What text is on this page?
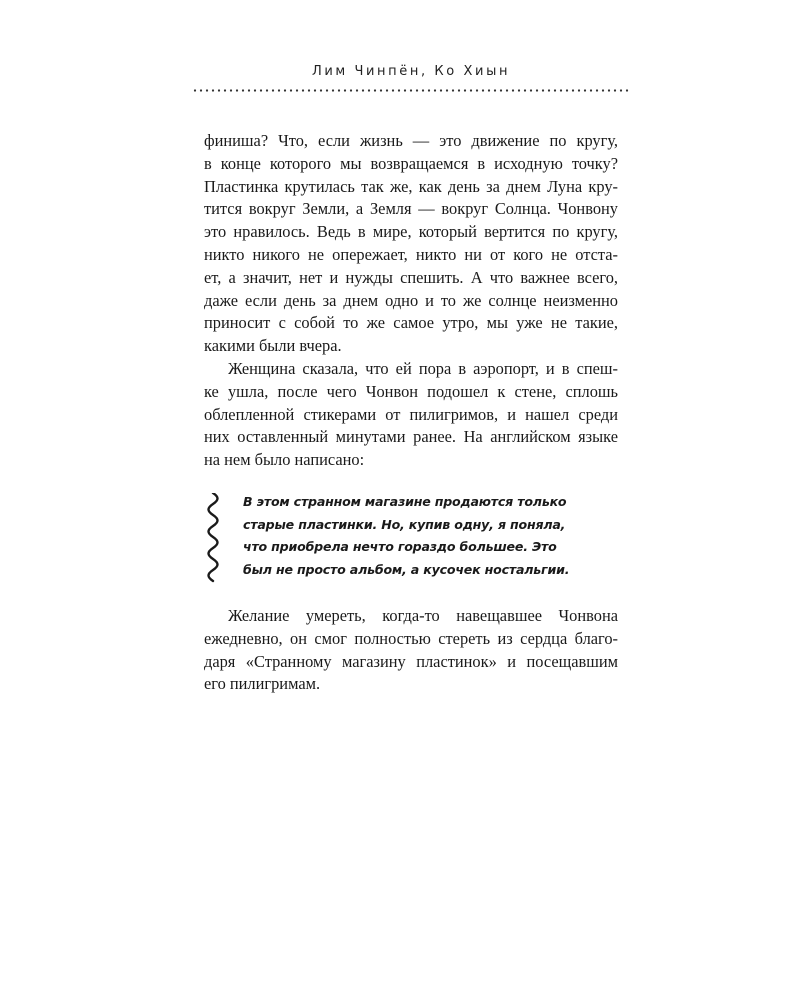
Лим Чинпён, Ко Хиын
финиша? Что, если жизнь — это движение по кругу,
в конце которого мы возвращаемся в исходную точку?
Пластинка крутилась так же, как день за днем Луна кру-
тится вокруг Земли, а Земля — вокруг Солнца. Чонвону
это нравилось. Ведь в мире, который вертится по кругу,
никто никого не опережает, никто ни от кого не отста-
ет, а значит, нет и нужды спешить. А что важнее всего,
даже если день за днем одно и то же солнце неизменно
приносит с собой то же самое утро, мы уже не такие,
какими были вчера.
Женщина сказала, что ей пора в аэропорт, и в спеш-
ке ушла, после чего Чонвон подошел к стене, сплошь
облепленной стикерами от пилигримов, и нашел среди
них оставленный минутами ранее. На английском языке
на нем было написано:
В этом странном магазине продаются только
старые пластинки. Но, купив одну, я поняла,
что приобрела нечто гораздо большее. Это
был не просто альбом, а кусочек ностальгии.
Желание умереть, когда-то навещавшее Чонвона
ежедневно, он смог полностью стереть из сердца благо-
даря «Странному магазину пластинок» и посещавшим
его пилигримам.
